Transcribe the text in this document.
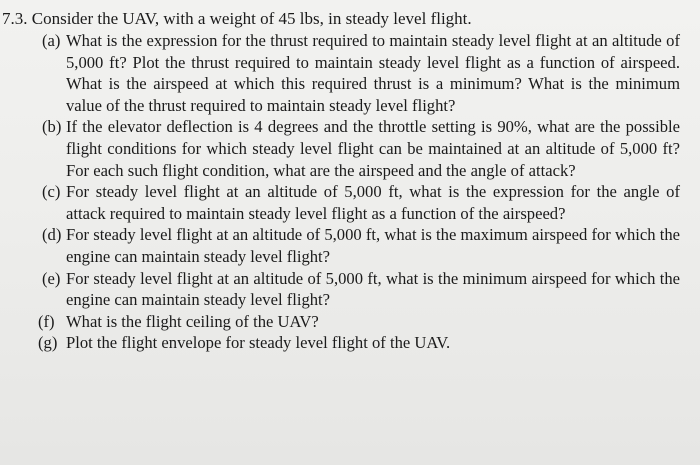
7.3. Consider the UAV, with a weight of 45 lbs, in steady level flight.
(a) What is the expression for the thrust required to maintain steady level flight at an altitude of 5,000 ft? Plot the thrust required to maintain steady level flight as a function of airspeed. What is the airspeed at which this required thrust is a minimum? What is the minimum value of the thrust required to maintain steady level flight?
(b) If the elevator deflection is 4 degrees and the throttle setting is 90%, what are the possible flight conditions for which steady level flight can be maintained at an altitude of 5,000 ft? For each such flight condition, what are the airspeed and the angle of attack?
(c) For steady level flight at an altitude of 5,000 ft, what is the expression for the angle of attack required to maintain steady level flight as a function of the airspeed?
(d) For steady level flight at an altitude of 5,000 ft, what is the maximum airspeed for which the engine can maintain steady level flight?
(e) For steady level flight at an altitude of 5,000 ft, what is the minimum airspeed for which the engine can maintain steady level flight?
(f) What is the flight ceiling of the UAV?
(g) Plot the flight envelope for steady level flight of the UAV.
